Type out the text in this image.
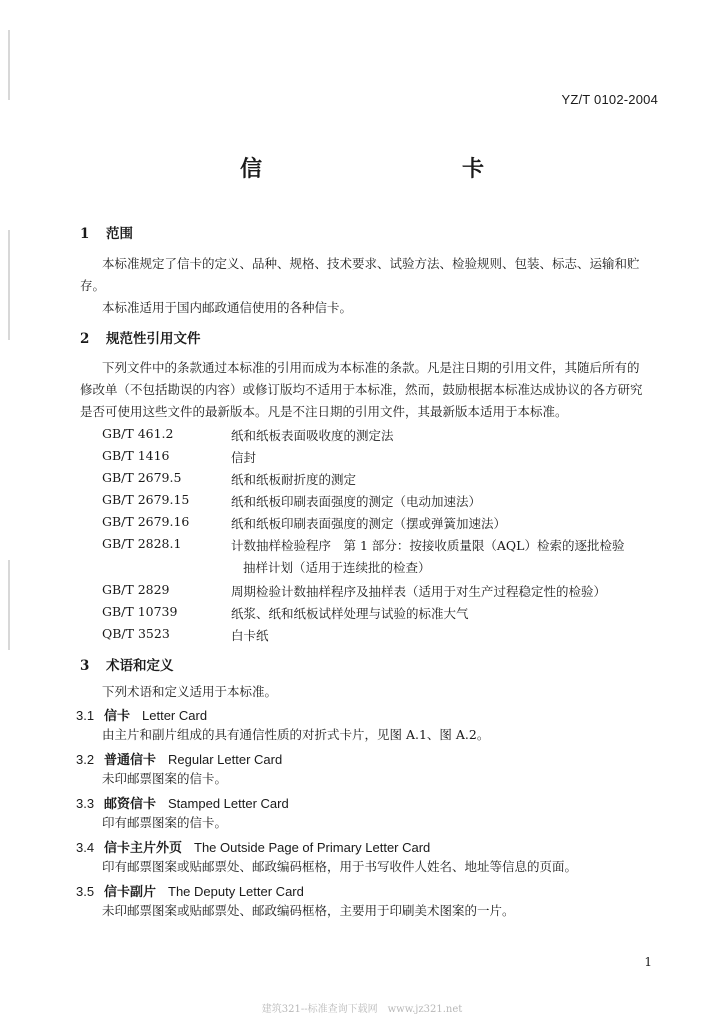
YZ/T 0102-2004
信　　卡
1 范围
本标准规定了信卡的定义、品种、规格、技术要求、试验方法、检验规则、包装、标志、运输和贮
存。
本标准适用于国内邮政通信使用的各种信卡。
2 规范性引用文件
下列文件中的条款通过本标准的引用而成为本标准的条款。凡是注日期的引用文件，其随后所有的
修改单（不包括勘误的内容）或修订版均不适用于本标准，然而，鼓励根据本标准达成协议的各方研究
是否可使用这些文件的最新版本。凡是不注日期的引用文件，其最新版本适用于本标准。
GB/T 461.2	纸和纸板表面吸收度的测定法
GB/T 1416	信封
GB/T 2679.5	纸和纸板耐折度的测定
GB/T 2679.15	纸和纸板印刷表面强度的测定（电动加速法）
GB/T 2679.16	纸和纸板印刷表面强度的测定（摆或弹簧加速法）
GB/T 2828.1	计数抽样检验程序　第 1 部分：按接收质量限（AQL）检索的逐批检验
抽样计划（适用于连续批的检查）
GB/T 2829	周期检验计数抽样程序及抽样表（适用于对生产过程稳定性的检验）
GB/T 10739	纸浆、纸和纸板试样处理与试验的标准大气
QB/T 3523	白卡纸
3 术语和定义
下列术语和定义适用于本标准。
3.1 信卡 Letter Card
由主片和副片组成的具有通信性质的对折式卡片，见图 A.1、图 A.2。
3.2 普通信卡 Regular Letter Card
未印邮票图案的信卡。
3.3 邮资信卡 Stamped Letter Card
印有邮票图案的信卡。
3.4 信卡主片外页 The Outside Page of Primary Letter Card
印有邮票图案或贴邮票处、邮政编码框格，用于书写收件人姓名、地址等信息的页面。
3.5 信卡副片 The Deputy Letter Card
未印邮票图案或贴邮票处、邮政编码框格，主要用于印刷美术图案的一片。
1
建筑321--标准查询下载网　www.jz321.net
